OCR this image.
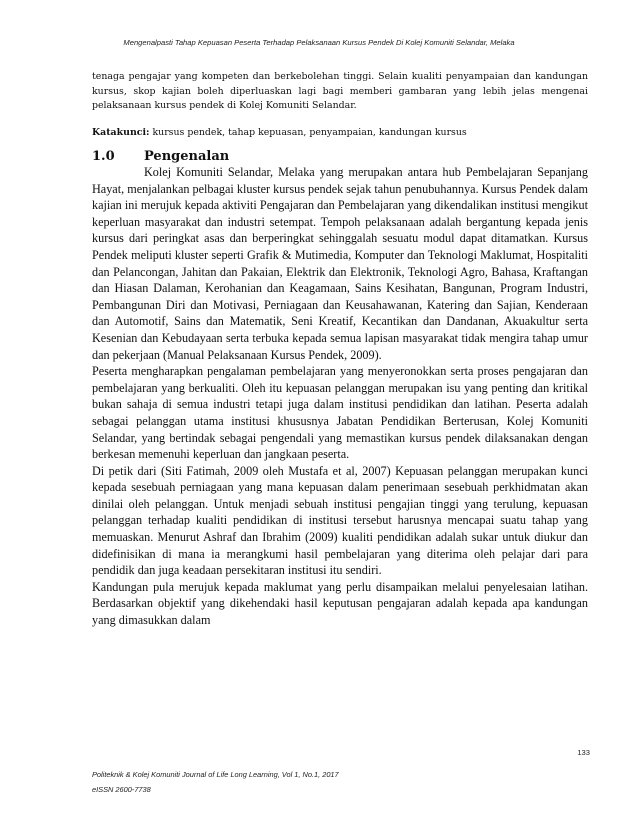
Mengenalpasti Tahap Kepuasan Peserta Terhadap Pelaksanaan Kursus Pendek Di Kolej Komuniti Selandar, Melaka

tenaga pengajar yang kompeten dan berkebolehan tinggi. Selain kualiti penyampaian dan kandungan kursus, skop kajian boleh diperluaskan lagi bagi memberi gambaran yang lebih jelas mengenai pelaksanaan kursus pendek di Kolej Komuniti Selandar.

Katakunci: kursus pendek, tahap kepuasan, penyampaian, kandungan kursus

1.0 Pengenalan

Kolej Komuniti Selandar, Melaka yang merupakan antara hub Pembelajaran Sepanjang Hayat, menjalankan pelbagai kluster kursus pendek sejak tahun penubuhannya. Kursus Pendek dalam kajian ini merujuk kepada aktiviti Pengajaran dan Pembelajaran yang dikendalikan institusi mengikut keperluan masyarakat dan industri setempat. Tempoh pelaksanaan adalah bergantung kepada jenis kursus dari peringkat asas dan berperingkat sehinggalah sesuatu modul dapat ditamatkan. Kursus Pendek meliputi kluster seperti Grafik & Mutimedia, Komputer dan Teknologi Maklumat, Hospitaliti dan Pelancongan, Jahitan dan Pakaian, Elektrik dan Elektronik, Teknologi Agro, Bahasa, Kraftangan dan Hiasan Dalaman, Kerohanian dan Keagamaan, Sains Kesihatan, Bangunan, Program Industri, Pembangunan Diri dan Motivasi, Perniagaan dan Keusahawanan, Katering dan Sajian, Kenderaan dan Automotif, Sains dan Matematik, Seni Kreatif, Kecantikan dan Dandanan, Akuakultur serta Kesenian dan Kebudayaan serta terbuka kepada semua lapisan masyarakat tidak mengira tahap umur dan pekerjaan (Manual Pelaksanaan Kursus Pendek, 2009).

Peserta mengharapkan pengalaman pembelajaran yang menyeronokkan serta proses pengajaran dan pembelajaran yang berkualiti. Oleh itu kepuasan pelanggan merupakan isu yang penting dan kritikal bukan sahaja di semua industri tetapi juga dalam institusi pendidikan dan latihan. Peserta adalah sebagai pelanggan utama institusi khususnya Jabatan Pendidikan Berterusan, Kolej Komuniti Selandar, yang bertindak sebagai pengendali yang memastikan kursus pendek dilaksanakan dengan berkesan memenuhi keperluan dan jangkaan peserta.

Di petik dari (Siti Fatimah, 2009 oleh Mustafa et al, 2007) Kepuasan pelanggan merupakan kunci kepada sesebuah perniagaan yang mana kepuasan dalam penerimaan sesebuah perkhidmatan akan dinilai oleh pelanggan. Untuk menjadi sebuah institusi pengajian tinggi yang terulung, kepuasan pelanggan terhadap kualiti pendidikan di institusi tersebut harusnya mencapai suatu tahap yang memuaskan. Menurut Ashraf dan Ibrahim (2009) kualiti pendidikan adalah sukar untuk diukur dan didefinisikan di mana ia merangkumi hasil pembelajaran yang diterima oleh pelajar dari para pendidik dan juga keadaan persekitaran institusi itu sendiri.

Kandungan pula merujuk kepada maklumat yang perlu disampaikan melalui penyelesaian latihan. Berdasarkan objektif yang dikehendaki hasil keputusan pengajaran adalah kepada apa kandungan yang dimasukkan dalam

133
Politeknik & Kolej Komuniti Journal of Life Long Learning, Vol 1, No.1, 2017
eISSN 2600-7738
